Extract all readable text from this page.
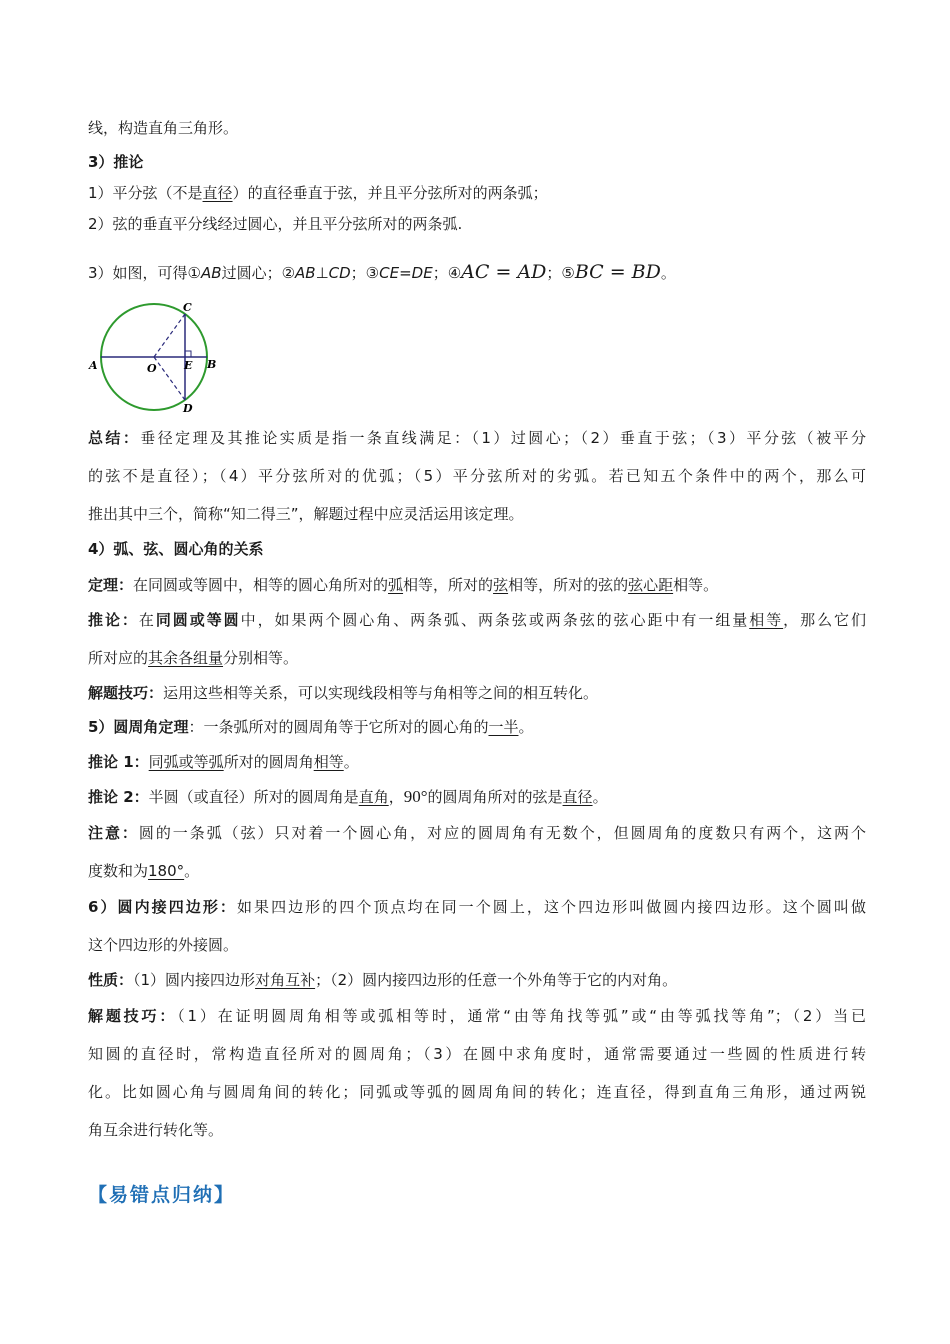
线，构造直角三角形。
3）推论
1）平分弦（不是直径）的直径垂直于弦，并且平分弦所对的两条弧；
2）弦的垂直平分线经过圆心，并且平分弦所对的两条弧.
3）如图，可得①AB过圆心；②AB⊥CD；③CE=DE；④AC = AD；⑤BC = BD。
C
D
A	B
E
O
总结：垂径定理及其推论实质是指一条直线满足：（1）过圆心；（2）垂直于弦；（3）平分弦（被平分
的弦不是直径）；（4）平分弦所对的优弧；（5）平分弦所对的劣弧。若已知五个条件中的两个，那么可
推出其中三个，简称“知二得三”，解题过程中应灵活运用该定理。
4）弧、弦、圆心角的关系
定理：在同圆或等圆中，相等的圆心角所对的弧相等，所对的弦相等，所对的弦的弦心距相等。
推论：在同圆或等圆中，如果两个圆心角、两条弧、两条弦或两条弦的弦心距中有一组量相等，那么它们
所对应的其余各组量分别相等。
解题技巧：运用这些相等关系，可以实现线段相等与角相等之间的相互转化。
5）圆周角定理：一条弧所对的圆周角等于它所对的圆心角的一半。
推论 1：同弧或等弧所对的圆周角相等。
推论 2：半圆（或直径）所对的圆周角是直角，90°的圆周角所对的弦是直径。
注意：圆的一条弧（弦）只对着一个圆心角，对应的圆周角有无数个，但圆周角的度数只有两个，这两个
度数和为180°。
6）圆内接四边形：如果四边形的四个顶点均在同一个圆上，这个四边形叫做圆内接四边形。这个圆叫做
这个四边形的外接圆。
性质：（1）圆内接四边形对角互补；（2）圆内接四边形的任意一个外角等于它的内对角。
解题技巧：（1）在证明圆周角相等或弧相等时，通常“由等角找等弧”或“由等弧找等角”；（2）当已
知圆的直径时，常构造直径所对的圆周角；（3）在圆中求角度时，通常需要通过一些圆的性质进行转
化。比如圆心角与圆周角间的转化；同弧或等弧的圆周角间的转化；连直径，得到直角三角形，通过两锐
角互余进行转化等。
【易错点归纳】
